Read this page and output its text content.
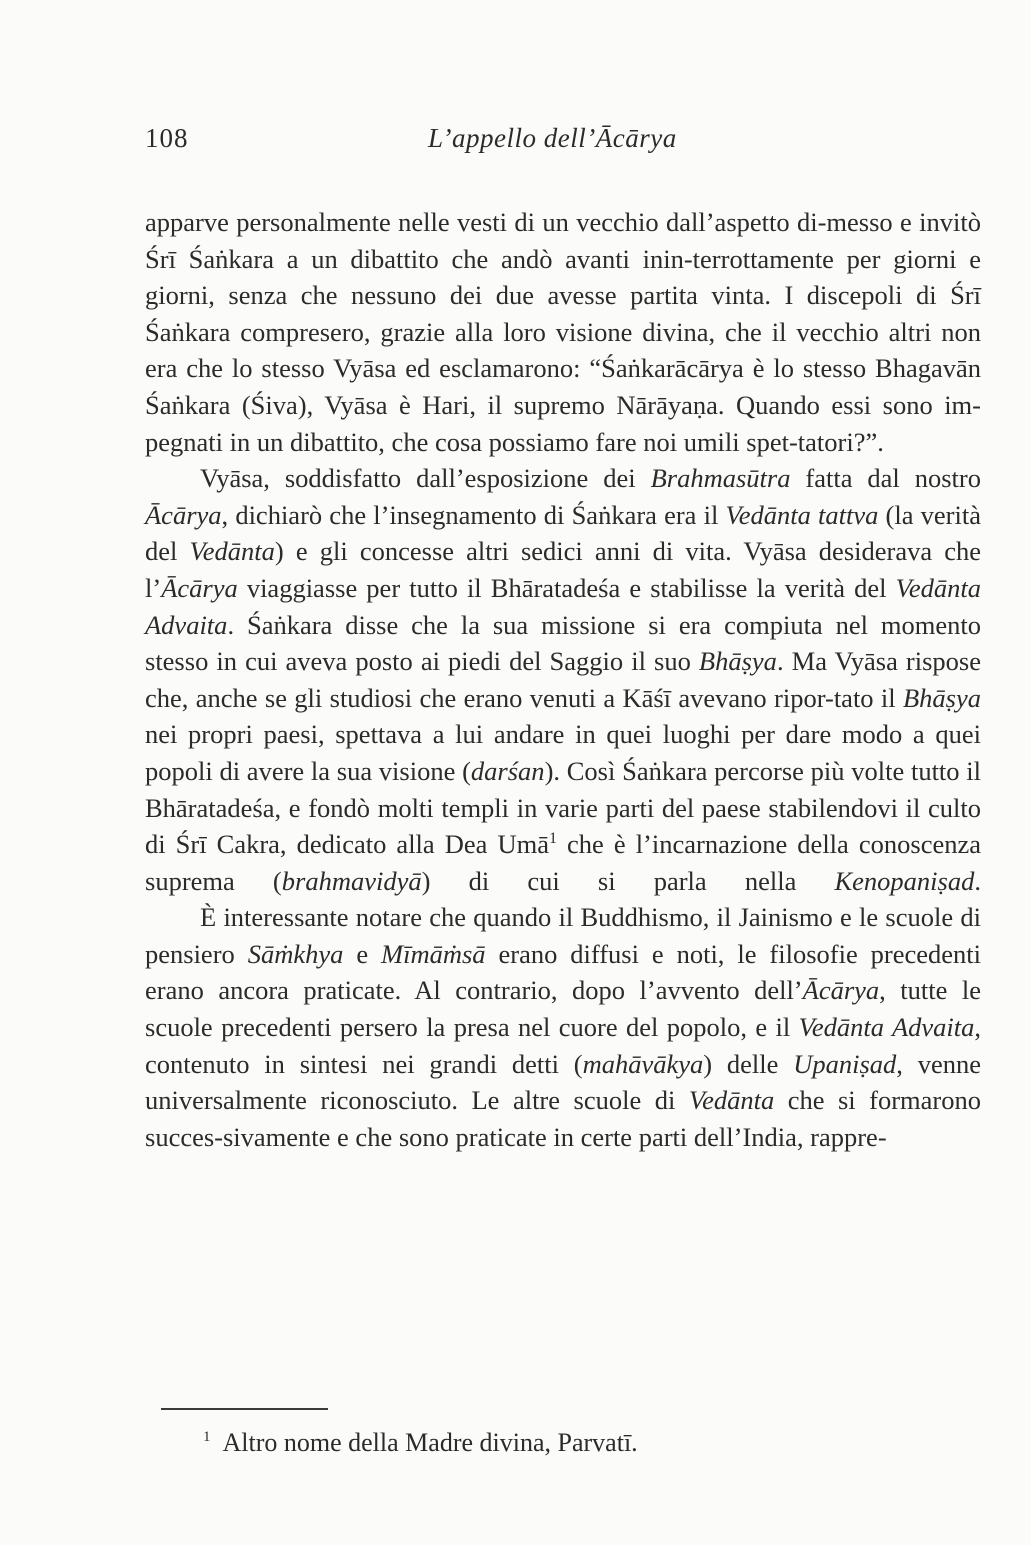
108	L’appello dell’Ācārya

apparve personalmente nelle vesti di un vecchio dall’aspetto di-messo e invitò Śrī Śaṅkara a un dibattito che andò avanti inin-terrottamente per giorni e giorni, senza che nessuno dei due avesse partita vinta. I discepoli di Śrī Śaṅkara compresero, grazie alla loro visione divina, che il vecchio altri non era che lo stesso Vyāsa ed esclamarono: “Śaṅkarācārya è lo stesso Bhagavān Śaṅkara (Śiva), Vyāsa è Hari, il supremo Nārāyaṇa. Quando essi sono im-pegnati in un dibattito, che cosa possiamo fare noi umili spet-tatori?”.

Vyāsa, soddisfatto dall’esposizione dei Brahmasūtra fatta dal nostro Ācārya, dichiarò che l’insegnamento di Śaṅkara era il Vedānta tattva (la verità del Vedānta) e gli concesse altri sedici anni di vita. Vyāsa desiderava che l’Ācārya viaggiasse per tutto il Bhāratadeśa e stabilisse la verità del Vedānta Advaita. Śaṅkara disse che la sua missione si era compiuta nel momento stesso in cui aveva posto ai piedi del Saggio il suo Bhāṣya. Ma Vyāsa rispose che, anche se gli studiosi che erano venuti a Kāśī avevano ripor-tato il Bhāṣya nei propri paesi, spettava a lui andare in quei luoghi per dare modo a quei popoli di avere la sua visione (darśan). Così Śaṅkara percorse più volte tutto il Bhāratadeśa, e fondò molti templi in varie parti del paese stabilendovi il culto di Śrī Cakra, dedicato alla Dea Umā$^1$ che è l’incarnazione della conoscenza suprema (brahmavidyā) di cui si parla nella Kenopaniṣad.

È interessante notare che quando il Buddhismo, il Jainismo e le scuole di pensiero Sāṁkhya e Mīmāṁsā erano diffusi e noti, le filosofie precedenti erano ancora praticate. Al contrario, dopo l’avvento dell’Ācārya, tutte le scuole precedenti persero la presa nel cuore del popolo, e il Vedānta Advaita, contenuto in sintesi nei grandi detti (mahāvākya) delle Upaniṣad, venne universalmente riconosciuto. Le altre scuole di Vedānta che si formarono succes-sivamente e che sono praticate in certe parti dell’India, rappre-

$^1$ Altro nome della Madre divina, Parvatī.
